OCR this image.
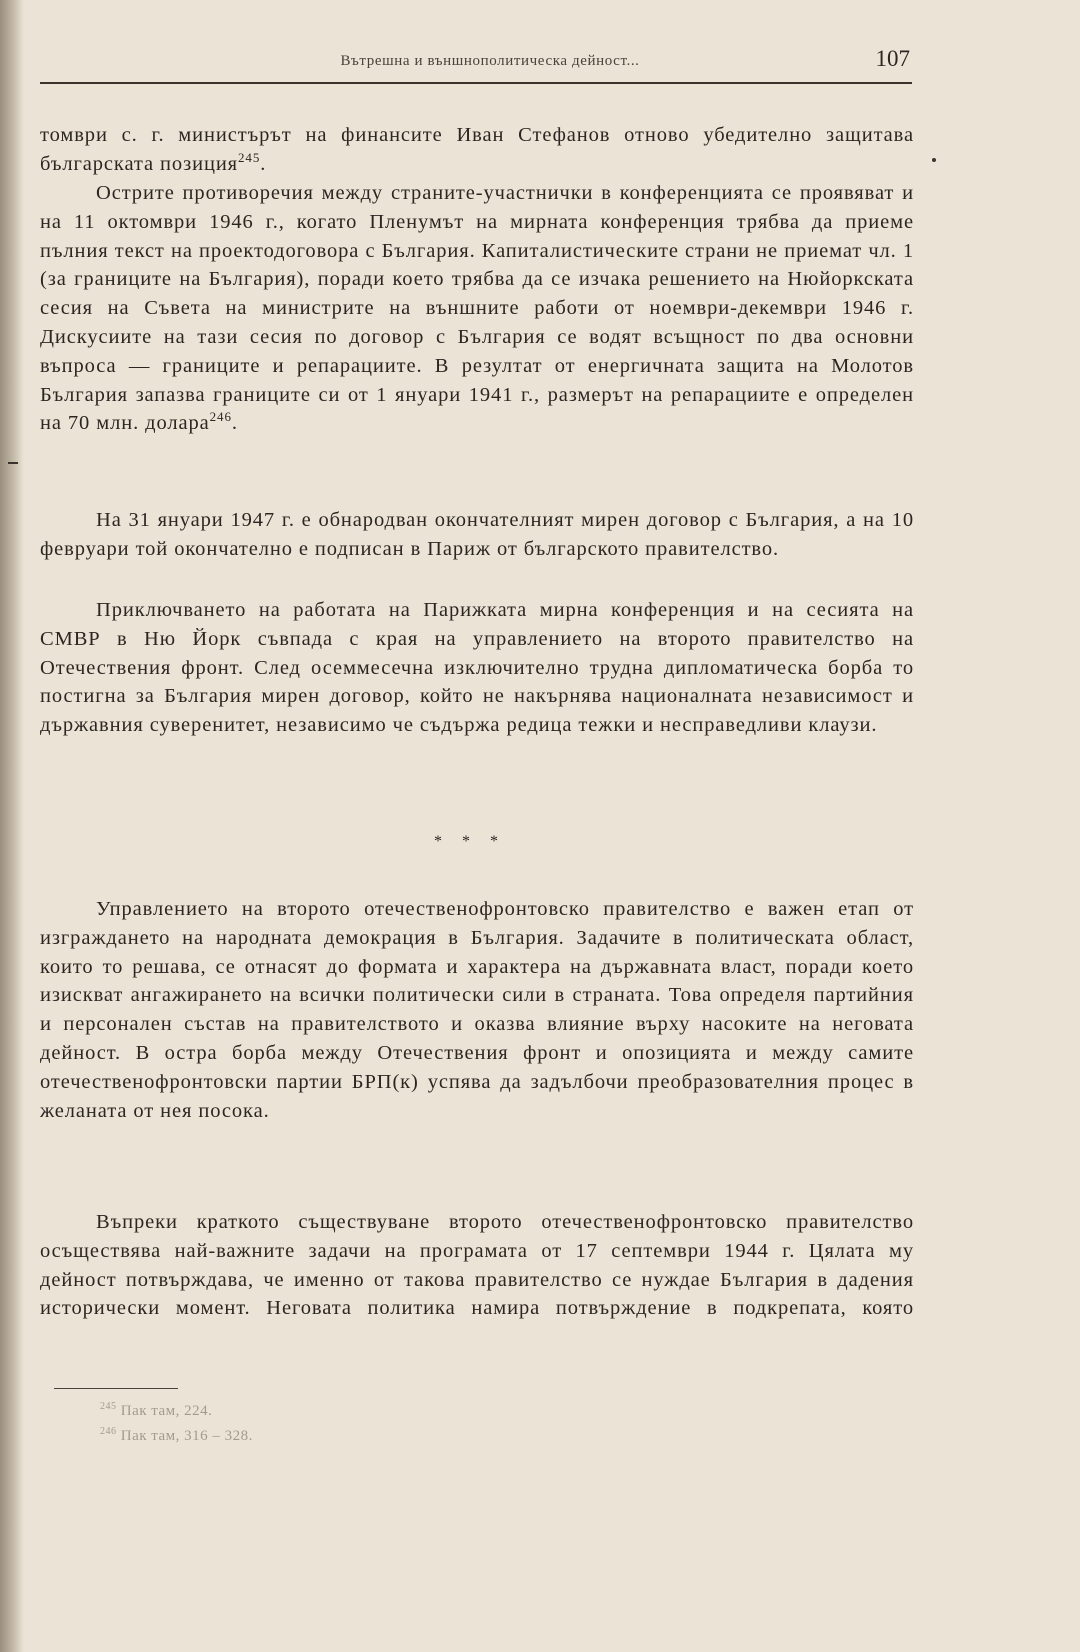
Вътрешна и външнополитическа дейност...	107

томври с. г. министърът на финансите Иван Стефанов отново убедително защитава българската позиция$^{245}$.

Острите противоречия между страните-участнички в конференцията се проявяват и на 11 октомври 1946 г., когато Пленумът на мирната конференция трябва да приеме пълния текст на проектодоговора с България. Капиталистическите страни не приемат чл. 1 (за границите на България), поради което трябва да се изчака решението на Нюйоркската сесия на Съвета на министрите на външните работи от ноември-декември 1946 г. Дискусиите на тази сесия по договор с България се водят всъщност по два основни въпроса — границите и репарациите. В резултат от енергичната защита на Молотов България запазва границите си от 1 януари 1941 г., размерът на репарациите е определен на 70 млн. долара$^{246}$.

На 31 януари 1947 г. е обнародван окончателният мирен договор с България, а на 10 февруари той окончателно е подписан в Париж от българското правителство.

Приключването на работата на Парижката мирна конференция и на сесията на СМВР в Ню Йорк съвпада с края на управлението на второто правителство на Отечествения фронт. След осеммесечна изключително трудна дипломатическа борба то постигна за България мирен договор, който не накърнява националната независимост и държавния суверенитет, независимо че съдържа редица тежки и несправедливи клаузи.

* * *

Управлението на второто отечественофронтовско правителство е важен етап от изграждането на народната демокрация в България. Задачите в политическата област, които то решава, се отнасят до формата и характера на държавната власт, поради което изискват ангажирането на всички политически сили в страната. Това определя партийния и персонален състав на правителството и оказва влияние върху насоките на неговата дейност. В остра борба между Отечествения фронт и опозицията и между самите отечественофронтовски партии БРП(к) успява да задълбочи преобразователния процес в желаната от нея посока.

Въпреки краткото съществуване второто отечественофронтовско правителство осъществява най-важните задачи на програмата от 17 септември 1944 г. Цялата му дейност потвърждава, че именно от такова правителство се нуждае България в дадения исторически момент. Неговата политика намира потвърждение в подкрепата, която

$^{245}$ Пак там, 224.

$^{246}$ Пак там, 316 – 328.
